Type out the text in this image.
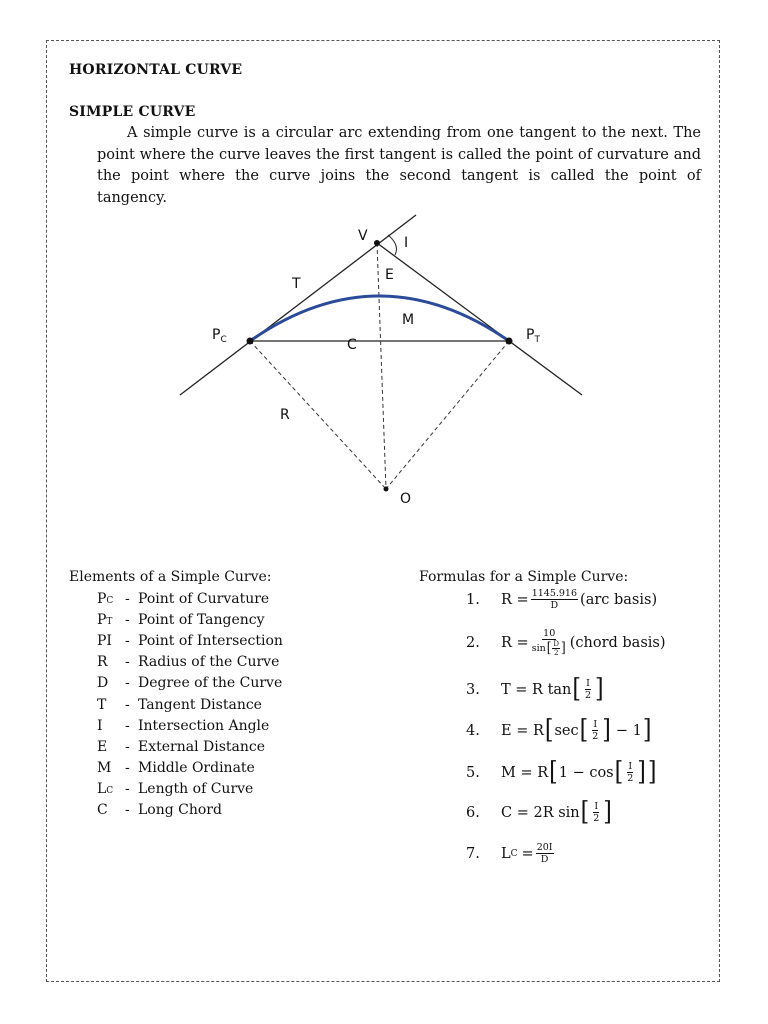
HORIZONTAL CURVE
SIMPLE CURVE
A simple curve is a circular arc extending from one tangent to the next. The point where the curve leaves the first tangent is called the point of curvature and the point where the curve joins the second tangent is called the point of tangency.
V	I
T
E
M
C
R
O
$P_C$	$P_T$
Elements of a Simple Curve:
PC - Point of Curvature
PT - Point of Tangency
PI - Point of Intersection
R	- Radius of the Curve
D	- Degree of the Curve
T	- Tangent Distance
I	- Intersection Angle
E	- External Distance
M - Middle Ordinate
LC - Length of Curve
C	- Long Chord
Formulas for a Simple Curve:
1.	$R = \frac{1145.916}{D} (arc$ basis)
2.	$R = \frac{10}{\sin[ \frac{D}{2} ]}$ (chord basis)
3.	T = R tan [ $\frac{I}{2}$ ]
4.	E = R [ sec [ $\frac{I}{2}$ ] − 1 ]
5.	M = R [ 1 − cos [ $\frac{I}{2}$ ] ]
6.	C = 2R sin [ $\frac{I}{2}$ ]
7.	L $C = \frac{20I}{D}$
